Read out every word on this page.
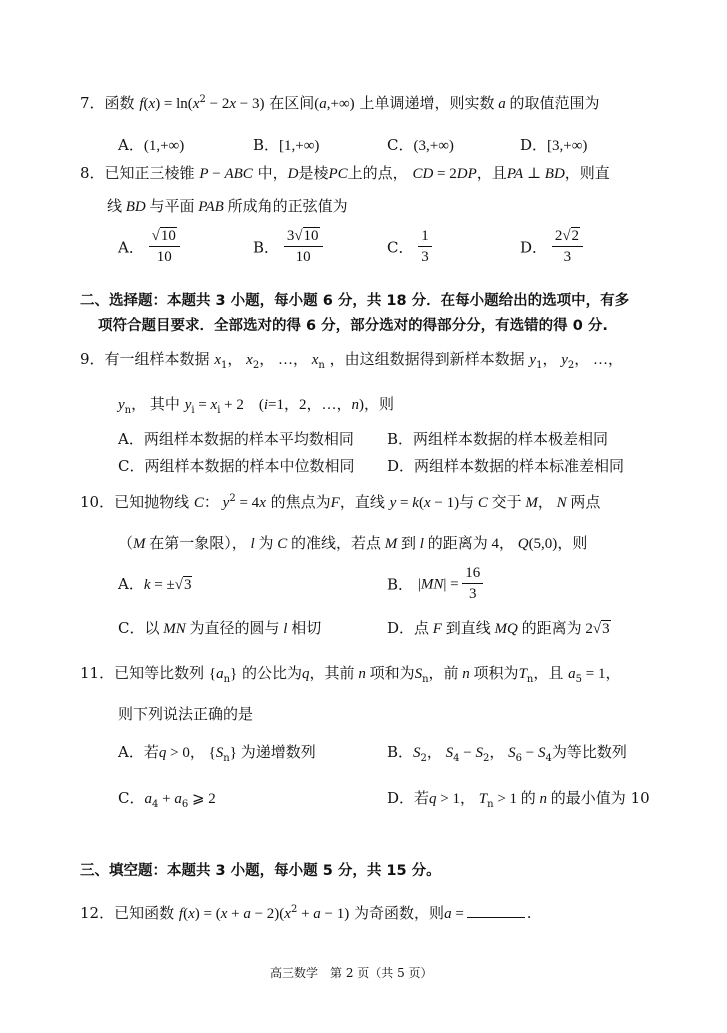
7．函数 $f(x) = \ln(x^2 - 2x - 3)$ 在区间(a,+∞) 上单调递增，则实数 a 的取值范围为
A．(1,+∞)	B．[1,+∞)	C．(3,+∞)	D．[3,+∞)
8．已知正三棱锥 P − ABC 中，D是棱PC上的点， CD = 2DP，且PA ⊥ BD，则直
线 BD 与平面 PAB 所成角的正弦值为
A． $\frac{√10}{10}$	B． $\frac{3√10}{10}$	C． $\frac{1}{3}$	D． $\frac{2√2}{3}$
二、选择题：本题共 3 小题，每小题 6 分，共 18 分．在每小题给出的选项中，有多
项符合题目要求．全部选对的得 6 分，部分选对的得部分分，有选错的得 0 分.
9．有一组样本数据 $x_1$， $x_2$， …， $x_n$ ，由这组数据得到新样本数据 $y_1$， $y_2$， …，
$y_n$， 其中 $y_i = x_i + 2$　(i=1，2，…，n)，则
A．两组样本数据的样本平均数相同 B．两组样本数据的样本极差相同
C．两组样本数据的样本中位数相同 D．两组样本数据的样本标准差相同
10．已知抛物线 C： $y^2 = 4x$ 的焦点为F，直线 y = k(x − 1)与 C 交于 M， N 两点
（M 在第一象限）， l 为 C 的准线，若点 M 到 l 的距离为 4， Q(5,0)，则
A．k = ±√3	B． $|MN| = \frac{16}{3}$
C．以 MN 为直径的圆与 l 相切	D．点 F 到直线 MQ 的距离为 2√3
11．已知等比数列 $\{a_n\}$ 的公比为q，其前 n 项和为$S_n$，前 n 项积为$T_n$，且 $a_5 = 1$，
则下列说法正确的是
A．若q > 0， $\{S_n\}$ 为递增数列	B．$S_2$， $S_4 - S_2$， $S_6 - S_4$为等比数列
C．$a_4 + a_6$ ⩾ 2	D．若q > 1， $T_n > 1$ 的 n 的最小值为 10
三、填空题：本题共 3 小题，每小题 5 分，共 15 分。
12．已知函数 $f(x) = (x + a - 2)(x^2 + a - 1)$ 为奇函数，则a =	.
高三数学　第 2 页（共 5 页）
